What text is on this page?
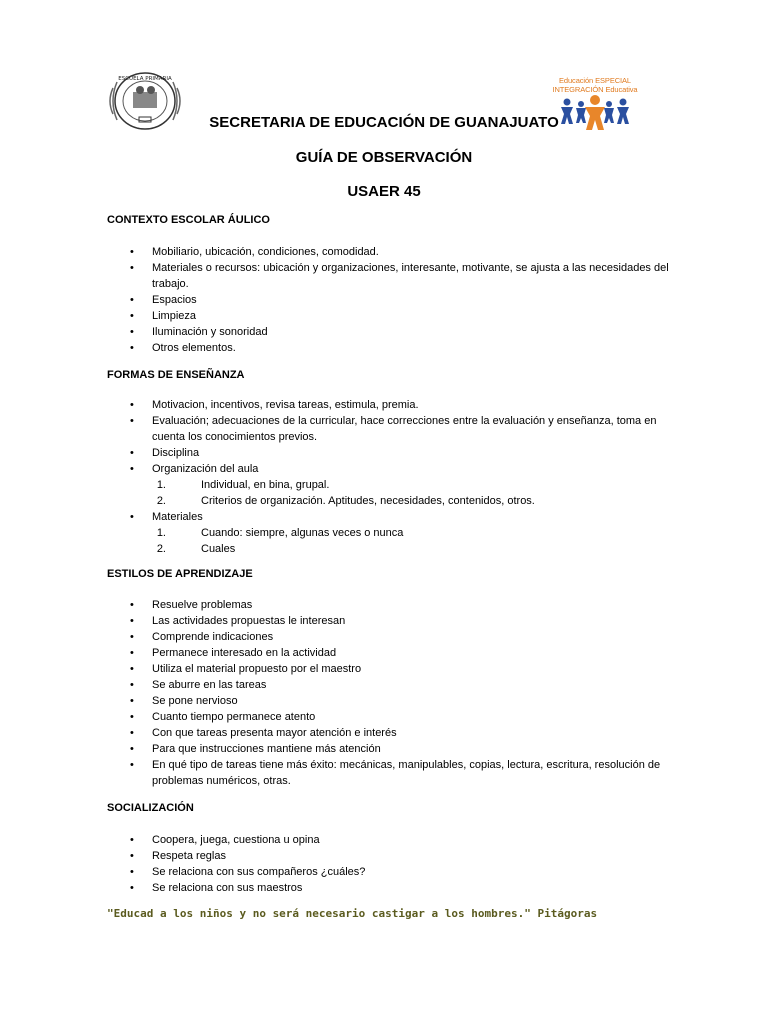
ESCUELA PRIMARIA	Educación ESPECIAL
INTEGRACIÓN Educativa
SECRETARIA DE EDUCACIÓN DE GUANAJUATO
GUÍA DE OBSERVACIÓN
USAER 45
CONTEXTO ESCOLAR ÁULICO
• Mobiliario, ubicación, condiciones, comodidad.
• Materiales o recursos: ubicación y organizaciones, interesante, motivante, se ajusta a las necesidades del trabajo.
• Espacios
• Limpieza
• Iluminación y sonoridad
• Otros elementos.
FORMAS DE ENSEÑANZA
• Motivacion, incentivos, revisa tareas, estimula, premia.
• Evaluación; adecuaciones de la curricular, hace correcciones entre la evaluación y enseñanza, toma en cuenta los conocimientos previos.
• Disciplina
• Organización del aula
1.	Individual, en bina, grupal.
2.	Criterios de organización. Aptitudes, necesidades, contenidos, otros.
• Materiales
1.	Cuando: siempre, algunas veces o nunca
2.	Cuales
ESTILOS DE APRENDIZAJE
• Resuelve problemas
• Las actividades propuestas le interesan
• Comprende indicaciones
• Permanece interesado en la actividad
• Utiliza el material propuesto por el maestro
• Se aburre en las tareas
• Se pone nervioso
• Cuanto tiempo permanece atento
• Con que tareas presenta mayor atención e interés
• Para que instrucciones mantiene más atención
• En qué tipo de tareas tiene más éxito: mecánicas, manipulables, copias, lectura, escritura, resolución de problemas numéricos, otras.
SOCIALIZACIÓN
• Coopera, juega, cuestiona u opina
• Respeta reglas
• Se relaciona con sus compañeros ¿cuáles?
• Se relaciona con sus maestros
"Educad a los niños y no será necesario castigar a los hombres." Pitágoras
